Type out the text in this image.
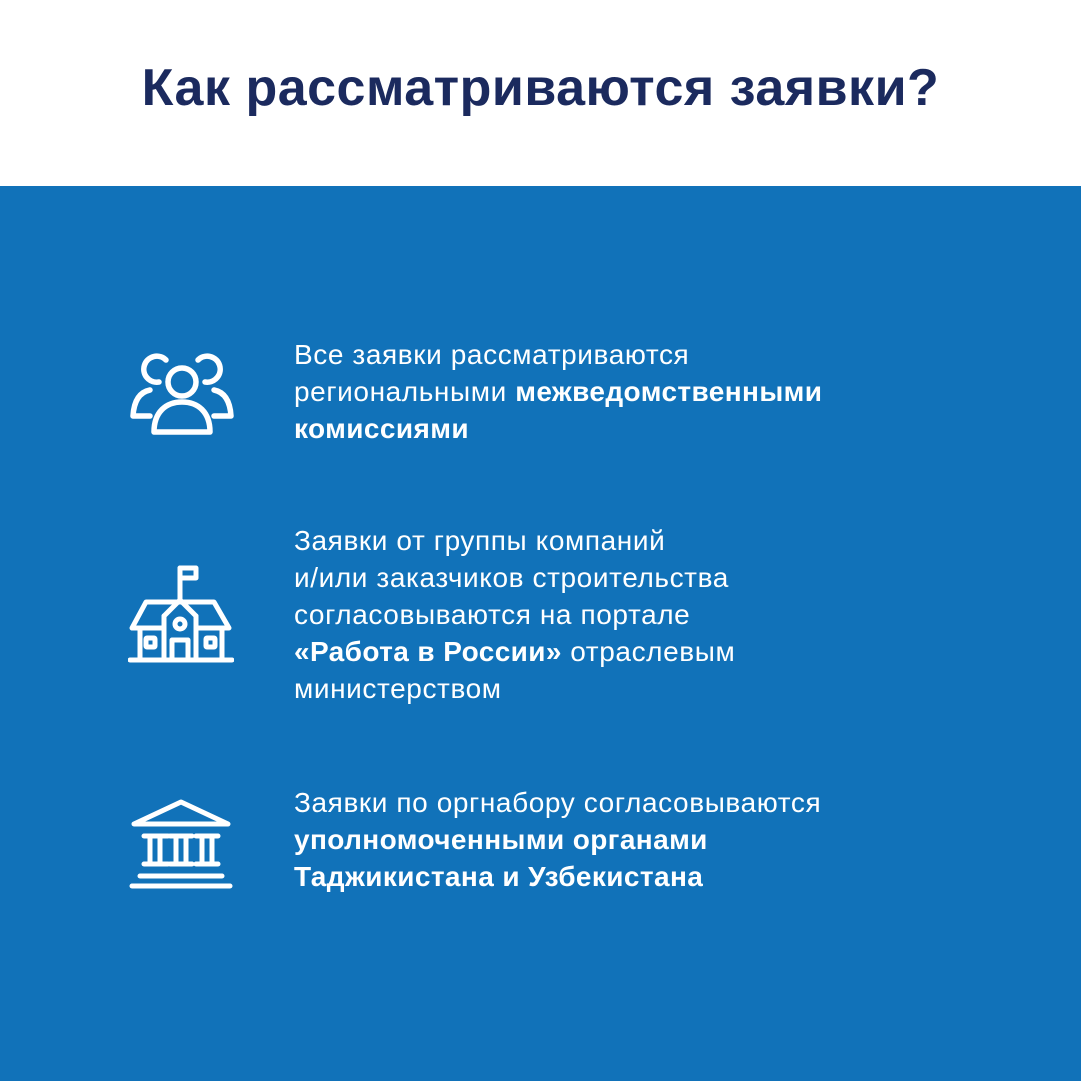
Как рассматриваются заявки?

Все заявки рассматриваются
региональными межведомственными
комиссиями

Заявки от группы компаний
и/или заказчиков строительства
согласовываются на портале
«Работа в России» отраслевым
министерством

Заявки по оргнабору согласовываются
уполномоченными органами
Таджикистана и Узбекистана
